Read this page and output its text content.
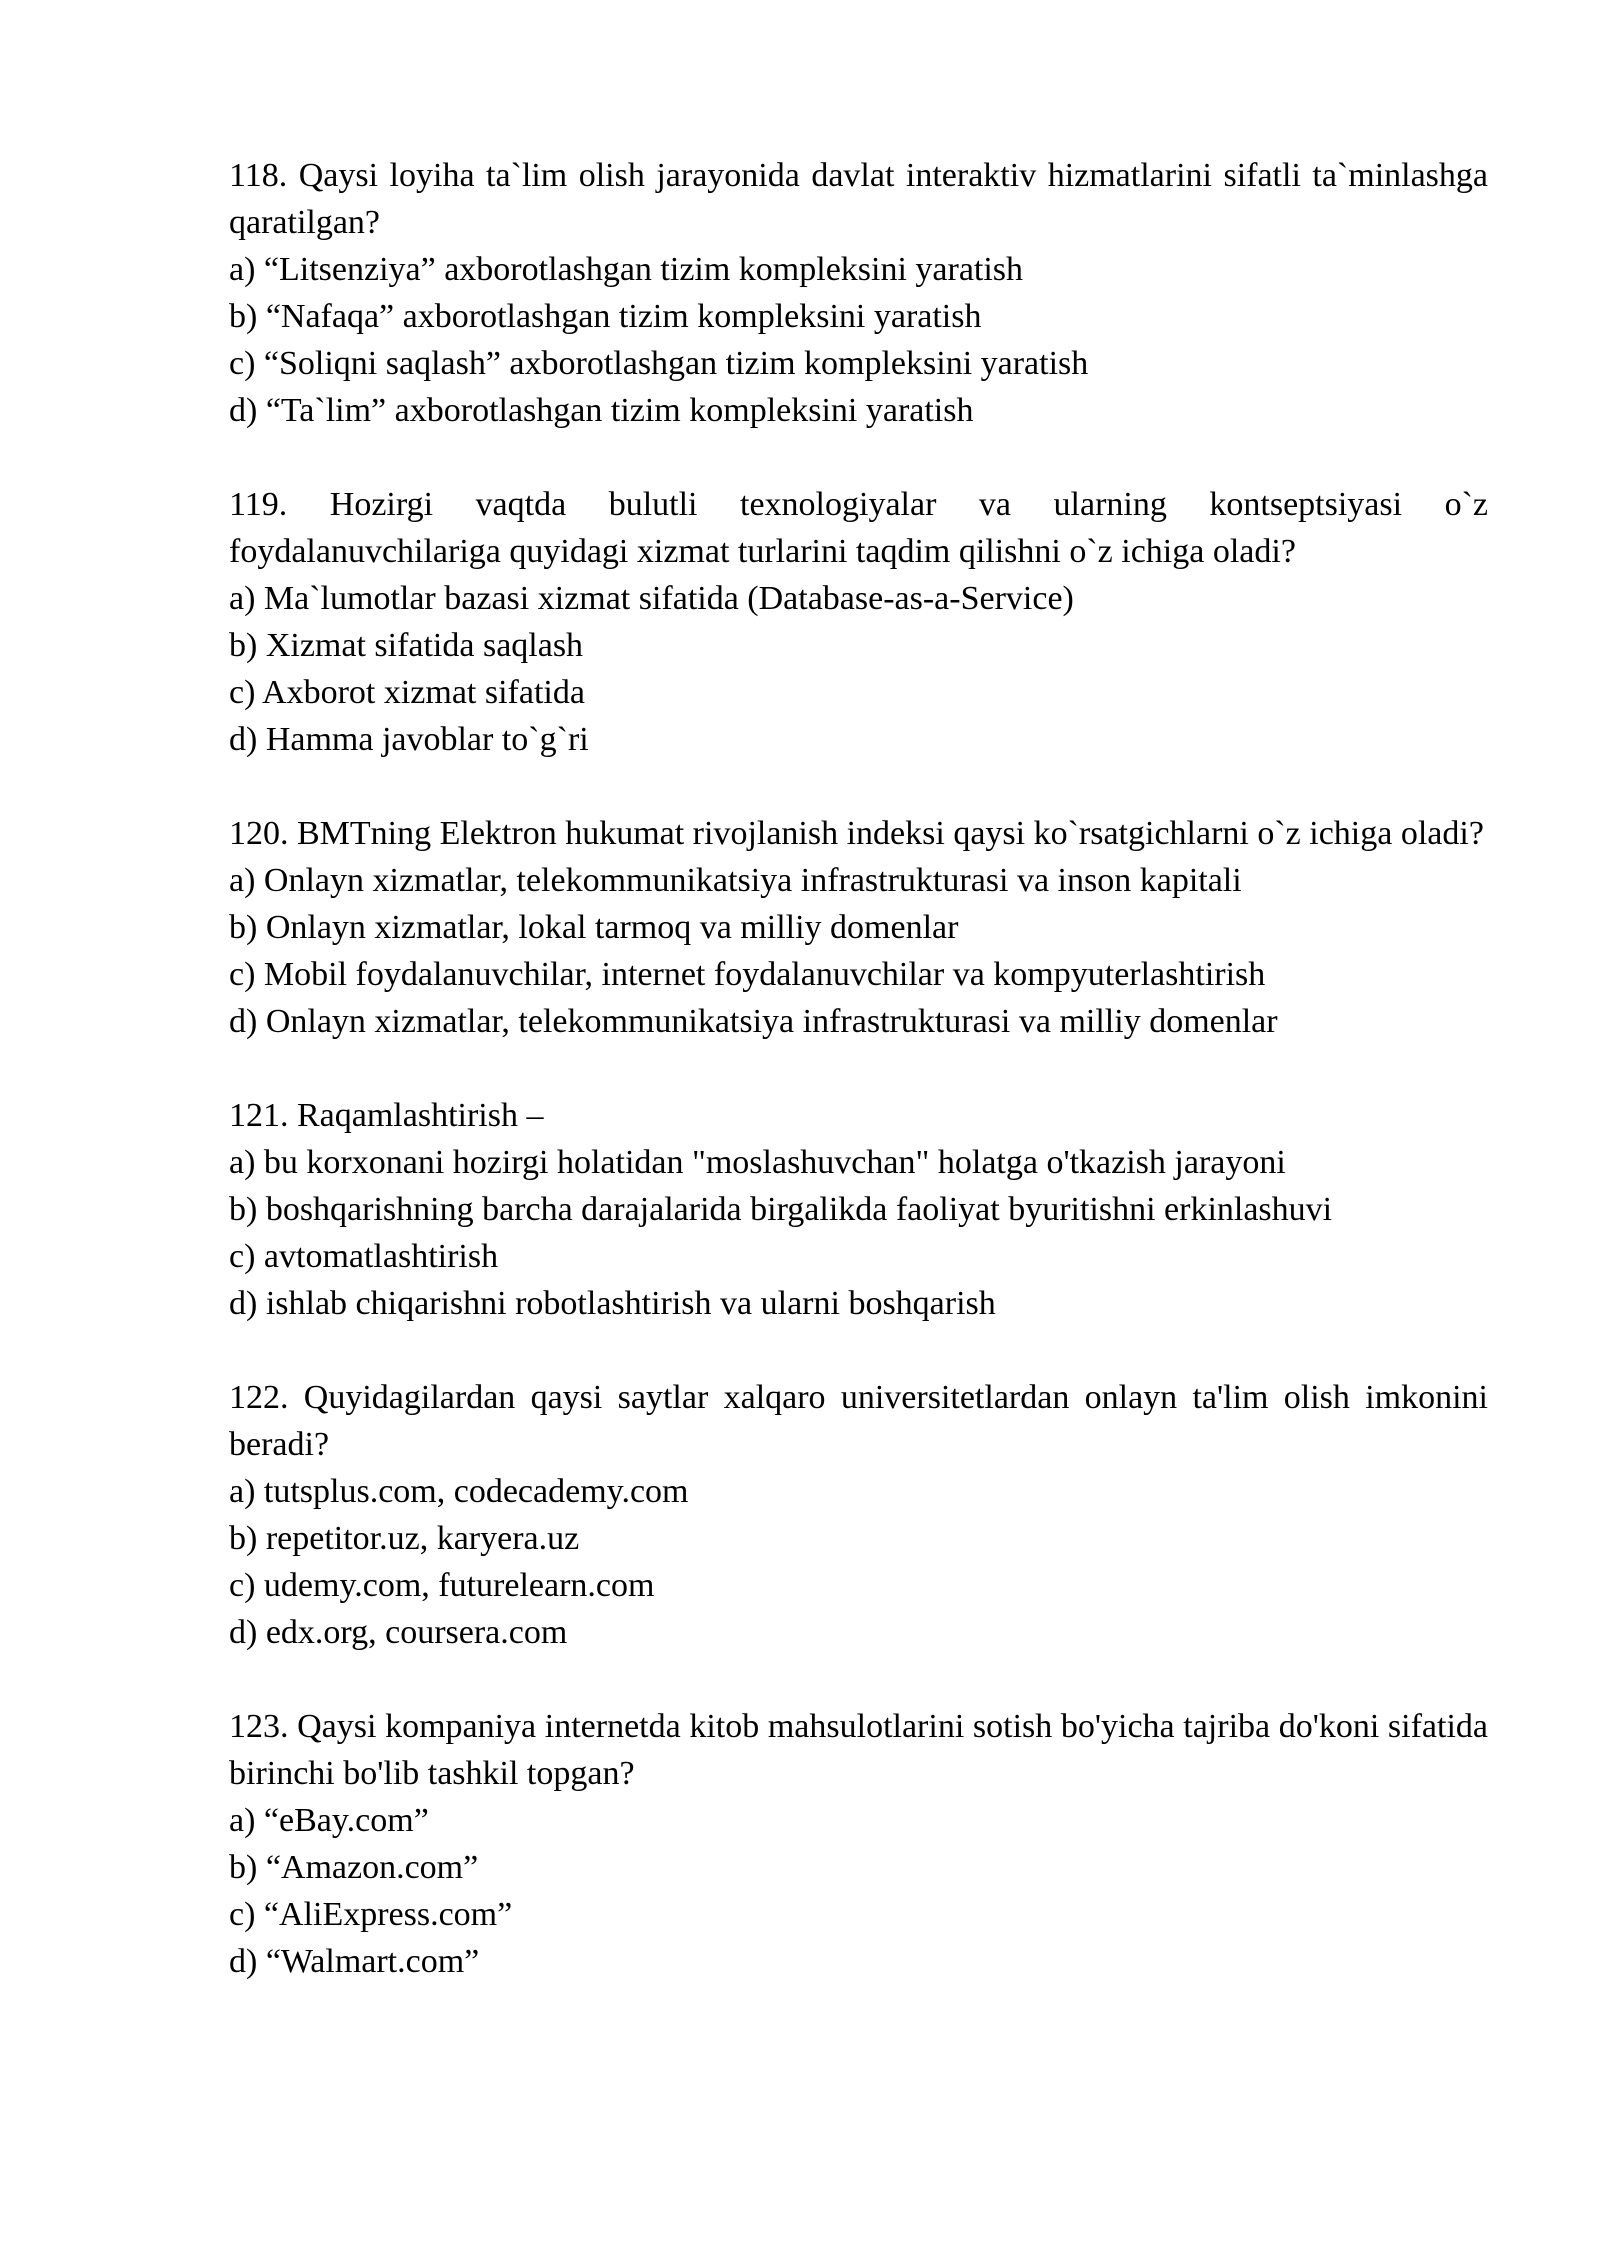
118. Qaysi loyiha ta`lim olish jarayonida davlat interaktiv hizmatlarini sifatli ta`minlashga qaratilgan?

a) “Litsenziya” axborotlashgan tizim kompleksini yaratish

b) “Nafaqa” axborotlashgan tizim kompleksini yaratish

c) “Soliqni saqlash” axborotlashgan tizim kompleksini yaratish

d) “Ta`lim” axborotlashgan tizim kompleksini yaratish

119. Hozirgi vaqtda bulutli texnologiyalar va ularning kontseptsiyasi o`z foydalanuvchilariga quyidagi xizmat turlarini taqdim qilishni o`z ichiga oladi?

a) Ma`lumotlar bazasi xizmat sifatida (Database-as-a-Service)

b) Xizmat sifatida saqlash

c) Axborot xizmat sifatida

d) Hamma javoblar to`g`ri

120. BMTning Elektron hukumat rivojlanish indeksi qaysi ko`rsatgichlarni o`z ichiga oladi?

a) Onlayn xizmatlar, telekommunikatsiya infrastrukturasi va inson kapitali

b) Onlayn xizmatlar, lokal tarmoq va milliy domenlar

c) Mobil foydalanuvchilar, internet foydalanuvchilar va kompyuterlashtirish

d) Onlayn xizmatlar, telekommunikatsiya infrastrukturasi va milliy domenlar

121. Raqamlashtirish –

a) bu korxonani hozirgi holatidan "moslashuvchan" holatga o'tkazish jarayoni

b) boshqarishning barcha darajalarida birgalikda faoliyat byuritishni erkinlashuvi

c) avtomatlashtirish

d) ishlab chiqarishni robotlashtirish va ularni boshqarish

122. Quyidagilardan qaysi saytlar xalqaro universitetlardan onlayn ta'lim olish imkonini beradi?

a) tutsplus.com, codecademy.com

b) repetitor.uz, karyera.uz

c) udemy.com, futurelearn.com

d) edx.org, coursera.com

123. Qaysi kompaniya internetda kitob mahsulotlarini sotish bo'yicha tajriba do'koni sifatida birinchi bo'lib tashkil topgan?

a) “eBay.com”

b) “Amazon.com”

c) “AliExpress.com”

d) “Walmart.com”
